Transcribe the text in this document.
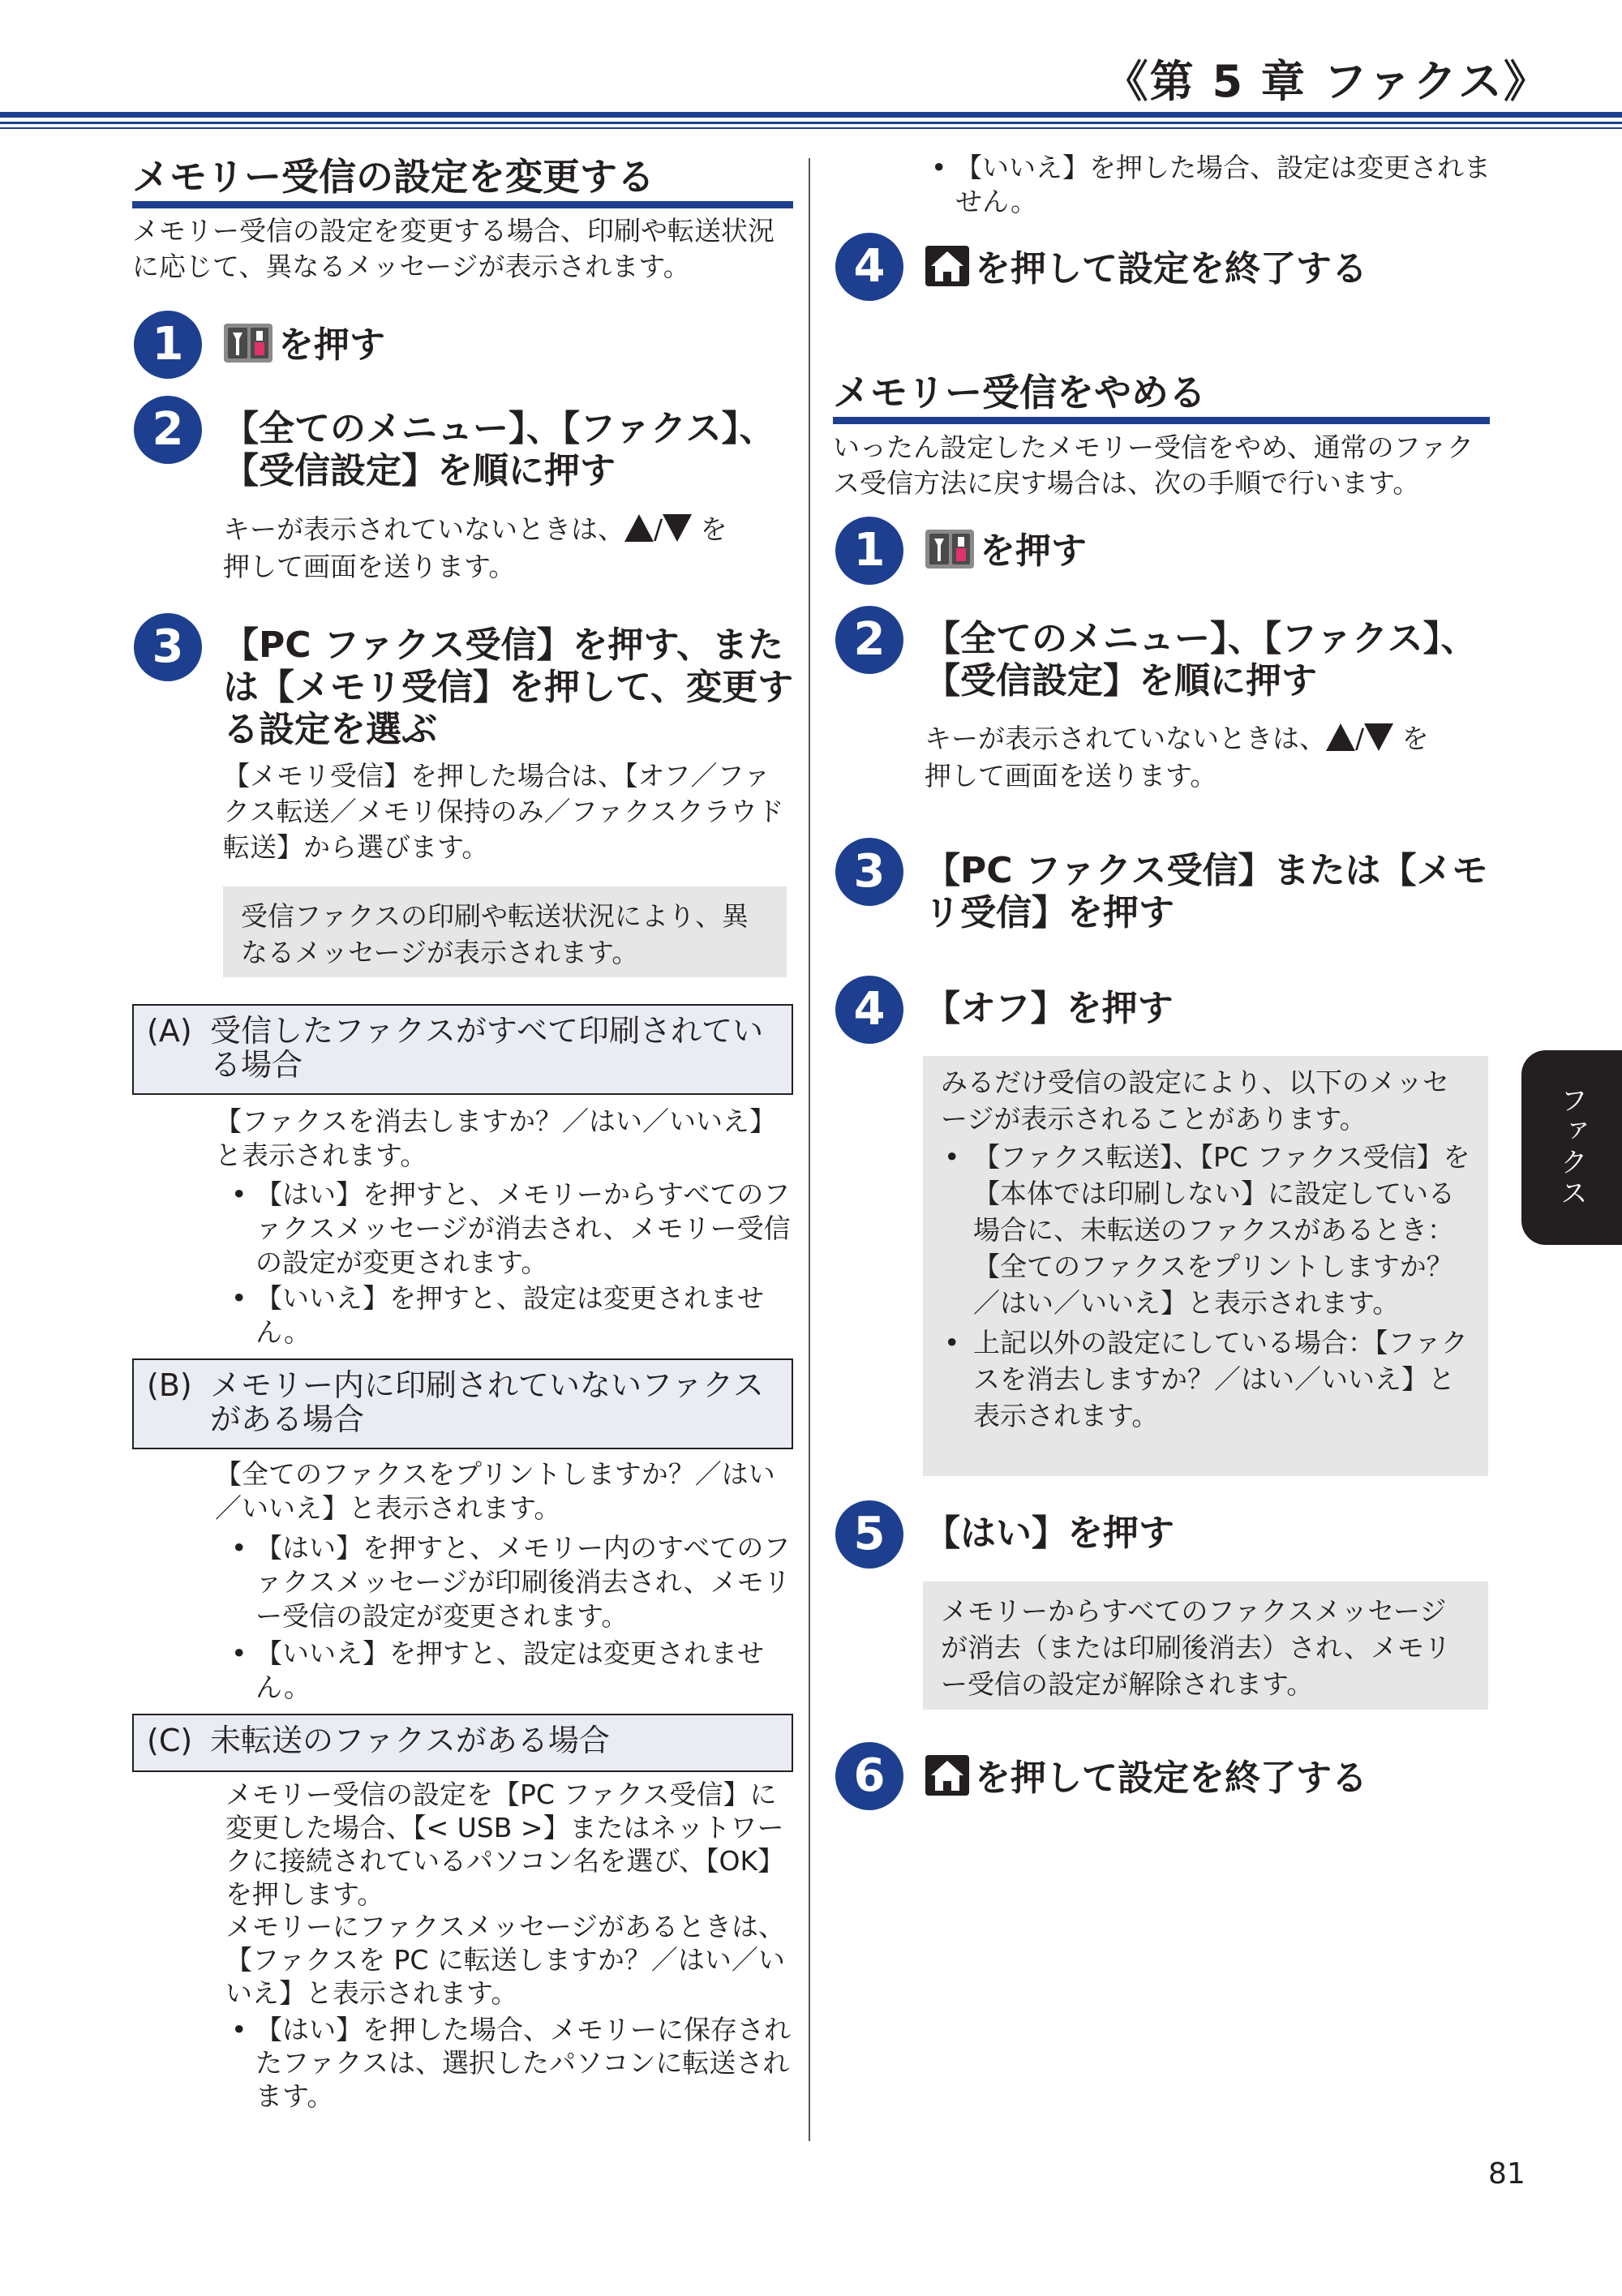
《第 5 章 ファクス》
メモリー受信の設定を変更する
メモリー受信の設定を変更する場合、印刷や転送状況に応じて、異なるメッセージが表示されます。
1	を押す
2	【全てのメニュー】、【ファクス】、
【受信設定】を順に押す
キーが表示されていないときは、 / を
押して画面を送ります。
3	【PC ファクス受信】を押す、または【メモリ受信】を押して、変更する設定を選ぶ
【メモリ受信】を押した場合は、【オフ／ファクス転送／メモリ保持のみ／ファクスクラウド転送】から選びます。
受信ファクスの印刷や転送状況により、異なるメッセージが表示されます。
(A) 受信したファクスがすべて印刷されている場合
【ファクスを消去しますか？／はい／いいえ】と表示されます。
• 【はい】を押すと、メモリーからすべてのファクスメッセージが消去され、メモリー受信の設定が変更されます。
• 【いいえ】を押すと、設定は変更されません。
(B) メモリー内に印刷されていないファクスがある場合
【全てのファクスをプリントしますか？／はい／いいえ】と表示されます。
• 【はい】を押すと、メモリー内のすべてのファクスメッセージが印刷後消去され、メモリー受信の設定が変更されます。
• 【いいえ】を押すと、設定は変更されません。
(C) 未転送のファクスがある場合
メモリー受信の設定を【PC ファクス受信】に変更した場合、【< USB >】またはネットワークに接続されているパソコン名を選び、【OK】を押します。
メモリーにファクスメッセージがあるときは、【ファクスを PC に転送しますか？／はい／いいえ】と表示されます。
• 【はい】を押した場合、メモリーに保存されたファクスは、選択したパソコンに転送されます。
• 【いいえ】を押した場合、設定は変更されません。
4	を押して設定を終了する
メモリー受信をやめる
いったん設定したメモリー受信をやめ、通常のファクス受信方法に戻す場合は、次の手順で行います。
1	を押す
2	【全てのメニュー】、【ファクス】、
【受信設定】を順に押す
キーが表示されていないときは、 / を
押して画面を送ります。
3	【PC ファクス受信】または【メモリ受信】を押す
4	【オフ】を押す
みるだけ受信の設定により、以下のメッセージが表示されることがあります。
• 【ファクス転送】、【PC ファクス受信】を【本体では印刷しない】に設定している場合に、未転送のファクスがあるとき：【全てのファクスをプリントしますか？／はい／いいえ】と表示されます。
• 上記以外の設定にしている場合：【ファクスを消去しますか？／はい／いいえ】と表示されます。
5	【はい】を押す
メモリーからすべてのファクスメッセージが消去（または印刷後消去）され、メモリー受信の設定が解除されます。
6	を押して設定を終了する
ファクス
81
